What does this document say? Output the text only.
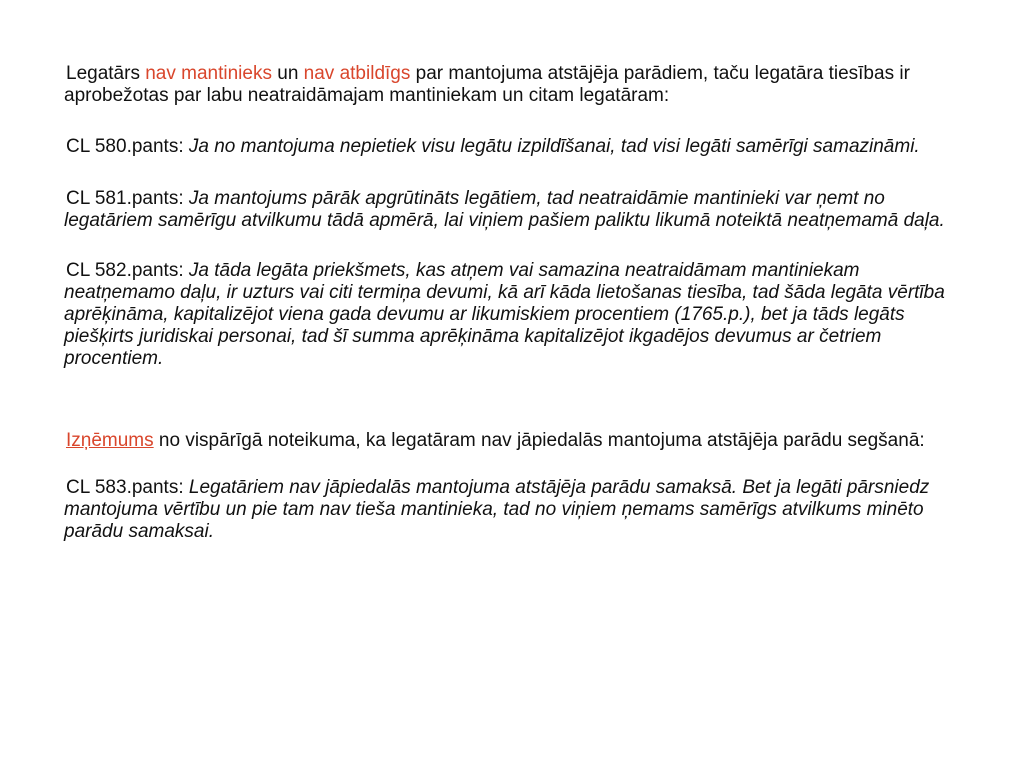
Legatārs nav mantinieks un nav atbildīgs par mantojuma atstājēja parādiem, taču legatāra tiesības ir aprobežotas par labu neatraidāmajam mantiniekam un citam legatāram:

CL 580.pants: Ja no mantojuma nepietiek visu legātu izpildīšanai, tad visi legāti samērīgi samazināmi.

CL 581.pants: Ja mantojums pārāk apgrūtināts legātiem, tad neatraidāmie mantinieki var ņemt no legatāriem samērīgu atvilkumu tādā apmērā, lai viņiem pašiem paliktu likumā noteiktā neatņemamā daļa.

CL 582.pants: Ja tāda legāta priekšmets, kas atņem vai samazina neatraidāmam mantiniekam neatņemamo daļu, ir uzturs vai citi termiņa devumi, kā arī kāda lietošanas tiesība, tad šāda legāta vērtība aprēķināma, kapitalizējot viena gada devumu ar likumiskiem procentiem (1765.p.), bet ja tāds legāts piešķirts juridiskai personai, tad šī summa aprēķināma kapitalizējot ikgadējos devumus ar četriem procentiem.

Izņēmums no vispārīgā noteikuma, ka legatāram nav jāpiedalās mantojuma atstājēja parādu segšanā:

CL 583.pants: Legatāriem nav jāpiedalās mantojuma atstājēja parādu samaksā. Bet ja legāti pārsniedz mantojuma vērtību un pie tam nav tieša mantinieka, tad no viņiem ņemams samērīgs atvilkums minēto parādu samaksai.
